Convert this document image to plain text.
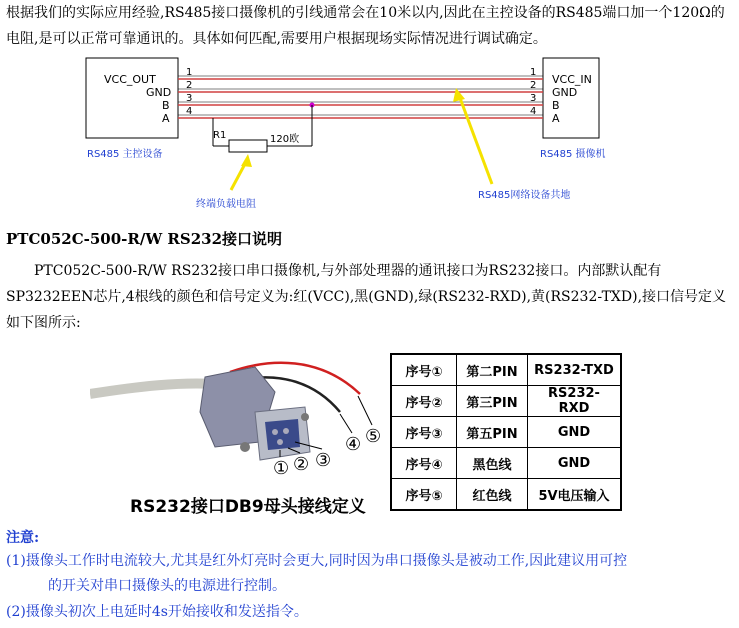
根据我们的实际应用经验,RS485接口摄像机的引线通常会在10米以内,因此在主控设备的RS485端口加一个120Ω的电阻,是可以正常可靠通讯的。具体如何匹配,需要用户根据现场实际情况进行调试确定。
VCC_OUT
GND
B
A
VCC_IN
GND
B
A
1
2
3
4
1
2
3
4
R1	120欧
RS485 主控设备	RS485 摄像机
终端负载电阻
RS485网络设备共地
PTC052C-500-R/W RS232接口说明
PTC052C-500-R/W RS232接口串口摄像机,与外部处理器的通讯接口为RS232接口。内部默认配有SP3232EEN芯片,4根线的颜色和信号定义为:红(VCC),黑(GND),绿(RS232-RXD),黄(RS232-TXD),接口信号定义如下图所示:
① ② ③
④ ⑤
RS232接口DB9母头接线定义
序号①	第二PIN	RS232-TXD
序号②	第三PIN	RS232-RXD
序号③	第五PIN	GND
序号④	黑色线	GND
序号⑤	红色线	5V电压输入
注意:
(1)摄像头工作时电流较大,尤其是红外灯亮时会更大,同时因为串口摄像头是被动工作,因此建议用可控
的开关对串口摄像头的电源进行控制。
(2)摄像头初次上电延时4s开始接收和发送指令。
